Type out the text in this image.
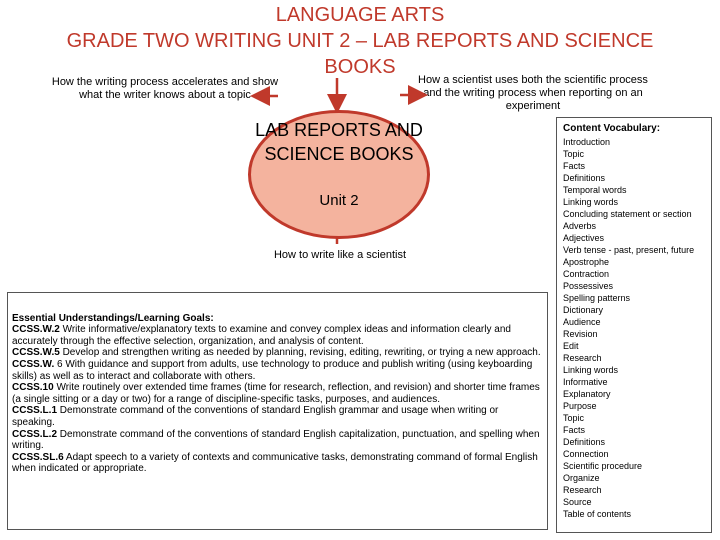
LANGUAGE ARTS
GRADE TWO WRITING UNIT 2 – LAB REPORTS AND SCIENCE
BOOKS
How the writing process accelerates and show what the writer knows about a topic
How a scientist uses both the scientific process and the writing process when reporting on an experiment
LAB REPORTS AND SCIENCE BOOKS
Unit 2
How to write like a scientist

Essential Understandings/Learning Goals:

CCSS.W.2 Write informative/explanatory texts to examine and convey complex ideas and information clearly and accurately through the effective selection, organization, and analysis of content.
CCSS.W.5 Develop and strengthen writing as needed by planning, revising, editing, rewriting, or trying a new approach.
CCSS.W. 6 With guidance and support from adults, use technology to produce and publish writing (using keyboarding skills) as well as to interact and collaborate with others.
CCSS.10 Write routinely over extended time frames (time for research, reflection, and revision) and shorter time frames (a single sitting or a day or two) for a range of discipline-specific tasks, purposes, and audiences.
CCSS.L.1 Demonstrate command of the conventions of standard English grammar and usage when writing or speaking.
CCSS.L.2 Demonstrate command of the conventions of standard English capitalization, punctuation, and spelling when writing.
CCSS.SL.6 Adapt speech to a variety of contexts and communicative tasks, demonstrating command of formal English when indicated or appropriate.

Content Vocabulary:
Introduction
Topic
Facts
Definitions
Temporal words
Linking words
Concluding statement or section
Adverbs
Adjectives
Verb tense - past, present, future
Apostrophe
Contraction
Possessives
Spelling patterns
Dictionary
Audience
Revision
Edit
Research
Linking words
Informative
Explanatory
Purpose
Topic
Facts
Definitions
Connection
Scientific procedure
Organize
Research
Source
Table of contents
